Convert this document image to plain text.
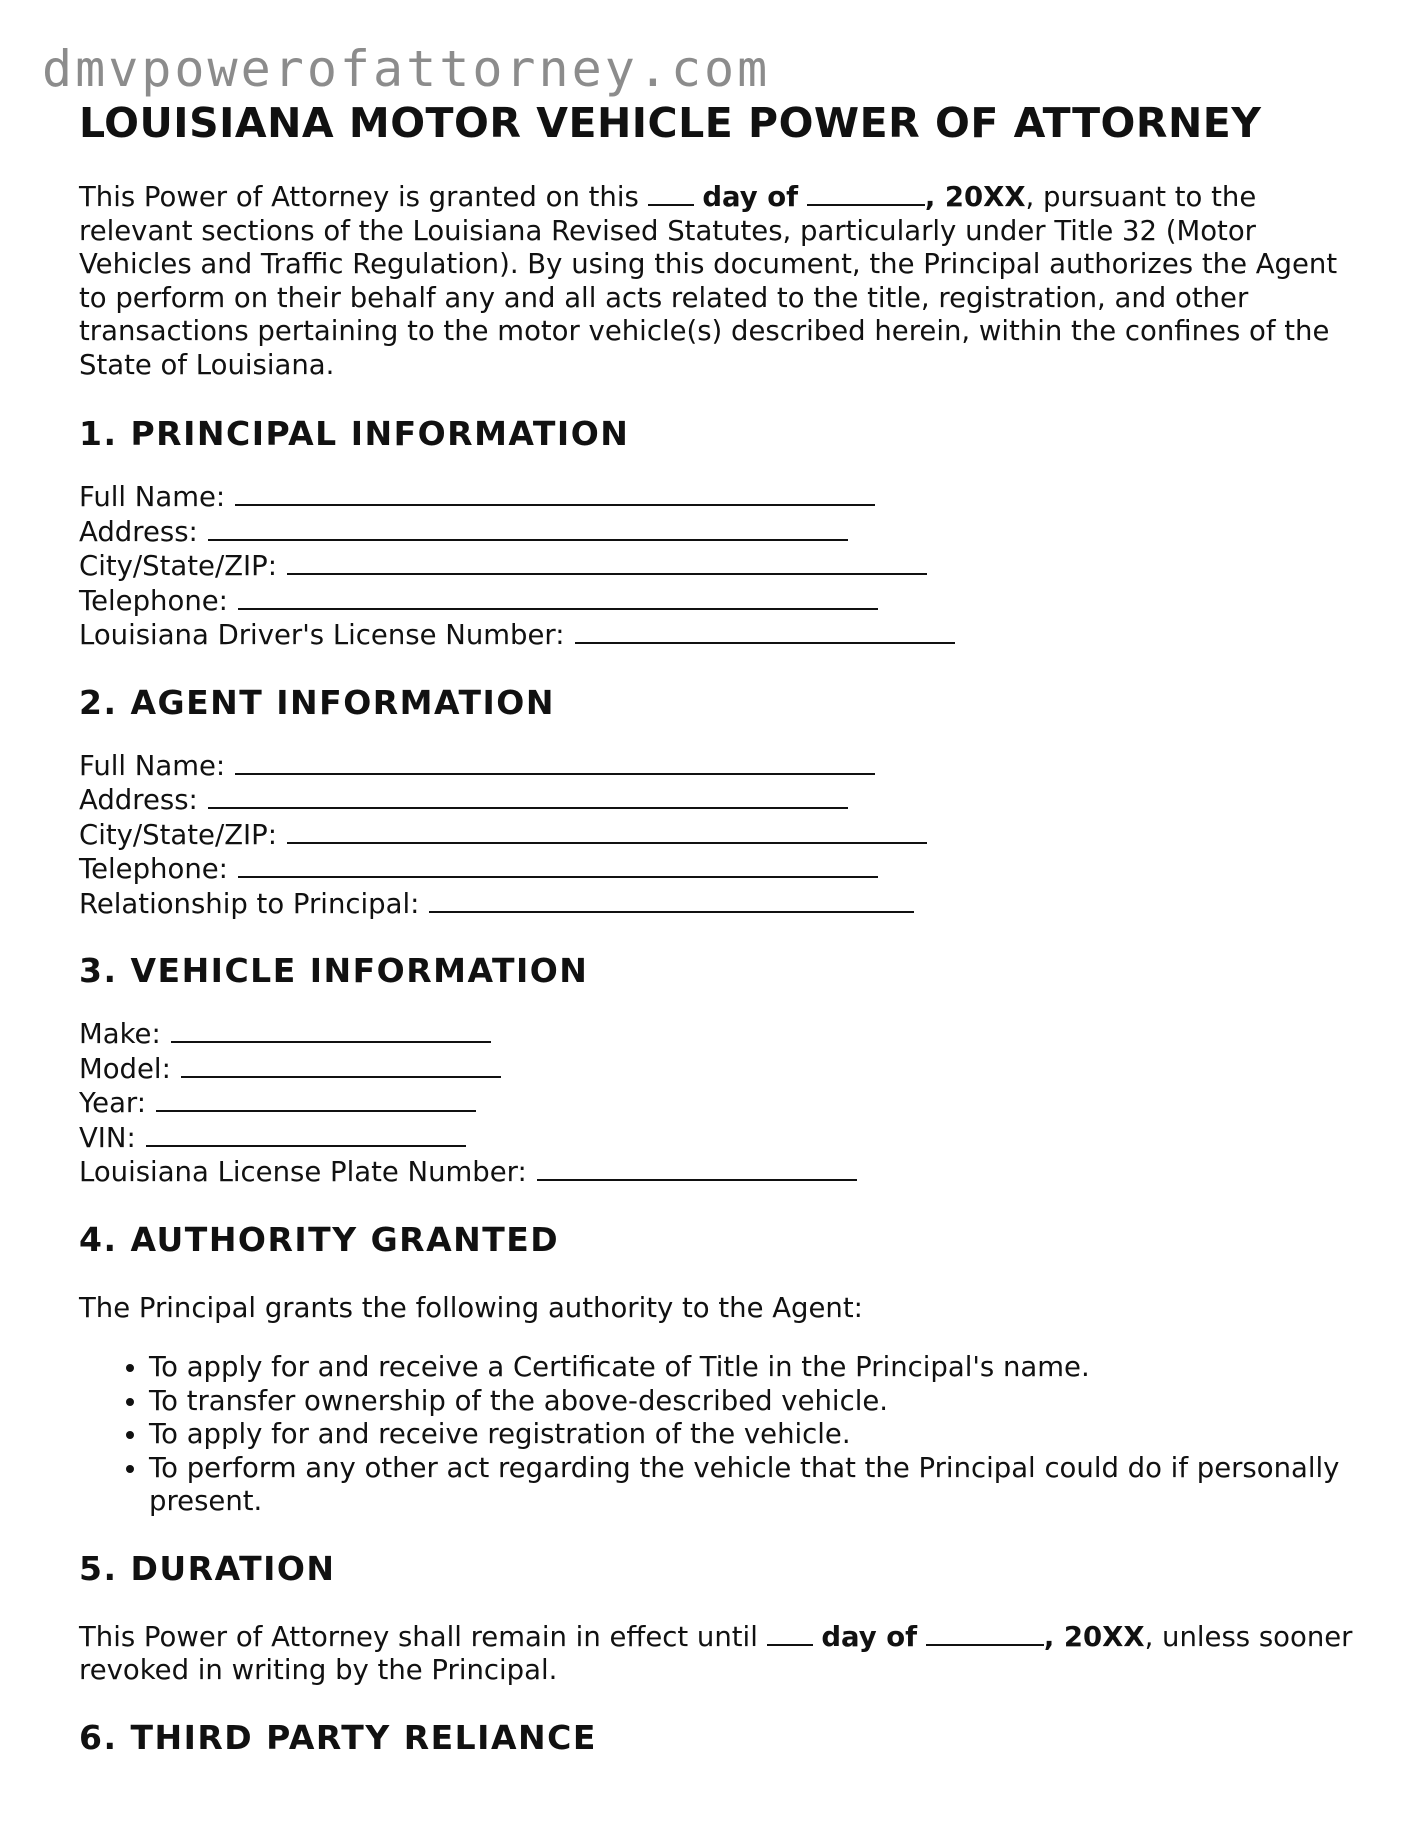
dmvpowerofattorney.com
LOUISIANA MOTOR VEHICLE POWER OF ATTORNEY

This Power of Attorney is granted on this day of	, 20XX, pursuant to the relevant sections of the Louisiana Revised Statutes, particularly under Title 32 (Motor Vehicles and Traffic Regulation). By using this document, the Principal authorizes the Agent to perform on their behalf any and all acts related to the title, registration, and other transactions pertaining to the motor vehicle(s) described herein, within the confines of the State of Louisiana.

1. PRINCIPAL INFORMATION
Full Name:
Address:
City/State/ZIP:
Telephone:
Louisiana Driver's License Number:
2. AGENT INFORMATION
Full Name:
Address:
City/State/ZIP:
Telephone:
Relationship to Principal:
3. VEHICLE INFORMATION
Make:
Model:
Year:
VIN:
Louisiana License Plate Number:
4. AUTHORITY GRANTED

The Principal grants the following authority to the Agent:

• To apply for and receive a Certificate of Title in the Principal's name.
• To transfer ownership of the above-described vehicle.
• To apply for and receive registration of the vehicle.
• To perform any other act regarding the vehicle that the Principal could do if personally present.
5. DURATION

This Power of Attorney shall remain in effect until day of	, 20XX, unless sooner revoked in writing by the Principal.

6. THIRD PARTY RELIANCE
